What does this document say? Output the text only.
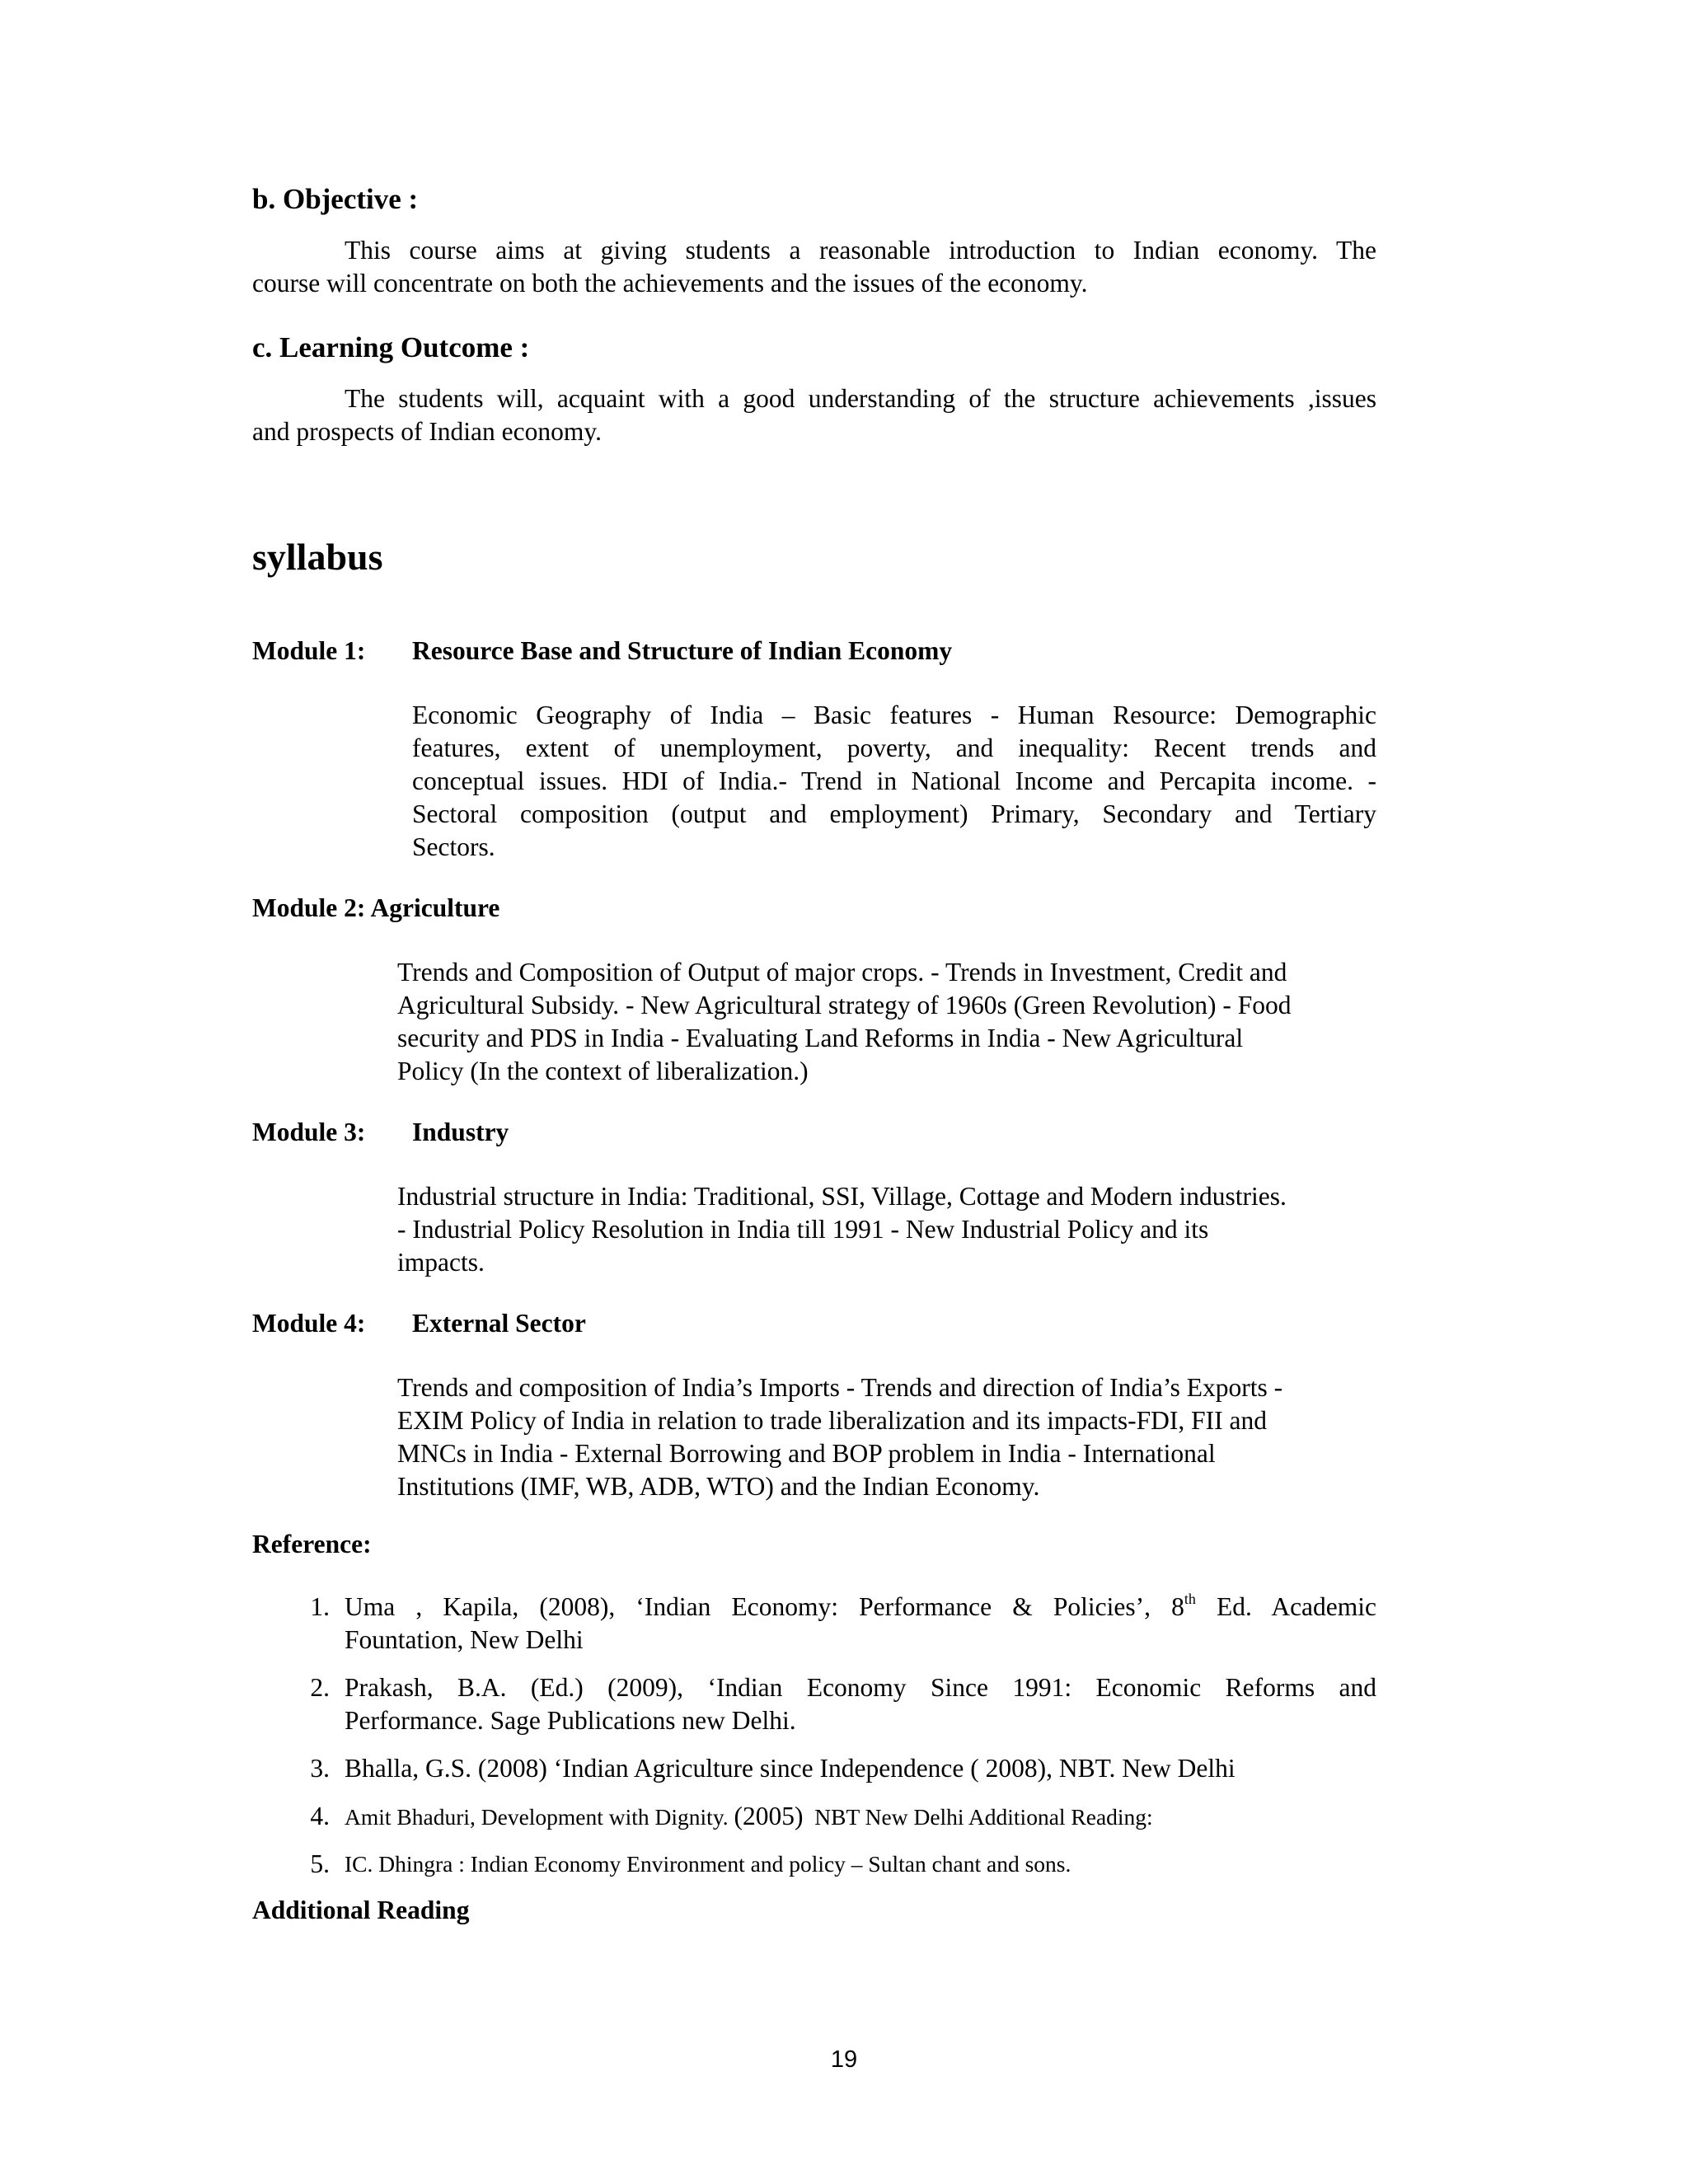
b. Objective :
This course aims at giving students a reasonable introduction to Indian economy. The
course will concentrate on both the achievements and the issues of the economy.
c. Learning Outcome :
The students will, acquaint with a good understanding of the structure achievements ,issues
and prospects of Indian economy.
syllabus
Module 1: Resource Base and Structure of Indian Economy
Economic Geography of India – Basic features - Human Resource: Demographic
features, extent of unemployment, poverty, and inequality: Recent trends and
conceptual issues. HDI of India.- Trend in National Income and Percapita income. -
Sectoral composition (output and employment) Primary, Secondary and Tertiary
Sectors.
Module 2: Agriculture
Trends and Composition of Output of major crops. - Trends in Investment, Credit and
Agricultural Subsidy. - New Agricultural strategy of 1960s (Green Revolution) - Food
security and PDS in India - Evaluating Land Reforms in India - New Agricultural
Policy (In the context of liberalization.)
Module 3: Industry
Industrial structure in India: Traditional, SSI, Village, Cottage and Modern industries.
- Industrial Policy Resolution in India till 1991 - New Industrial Policy and its
impacts.
Module 4: External Sector
Trends and composition of India’s Imports - Trends and direction of India’s Exports -
EXIM Policy of India in relation to trade liberalization and its impacts-FDI, FII and
MNCs in India - External Borrowing and BOP problem in India - International
Institutions (IMF, WB, ADB, WTO) and the Indian Economy.
Reference:
1. Uma , Kapila, (2008), ‘Indian Economy: Performance & Policies’, 8th Ed. Academic
Fountation, New Delhi
2. Prakash, B.A. (Ed.) (2009), ‘Indian Economy Since 1991: Economic Reforms and
Performance. Sage Publications new Delhi.
3. Bhalla, G.S. (2008) ‘Indian Agriculture since Independence ( 2008), NBT. New Delhi
4. Amit Bhaduri, Development with Dignity. (2005)  NBT New Delhi Additional Reading:
5. IC. Dhingra : Indian Economy Environment and policy – Sultan chant and sons.
Additional Reading
19
